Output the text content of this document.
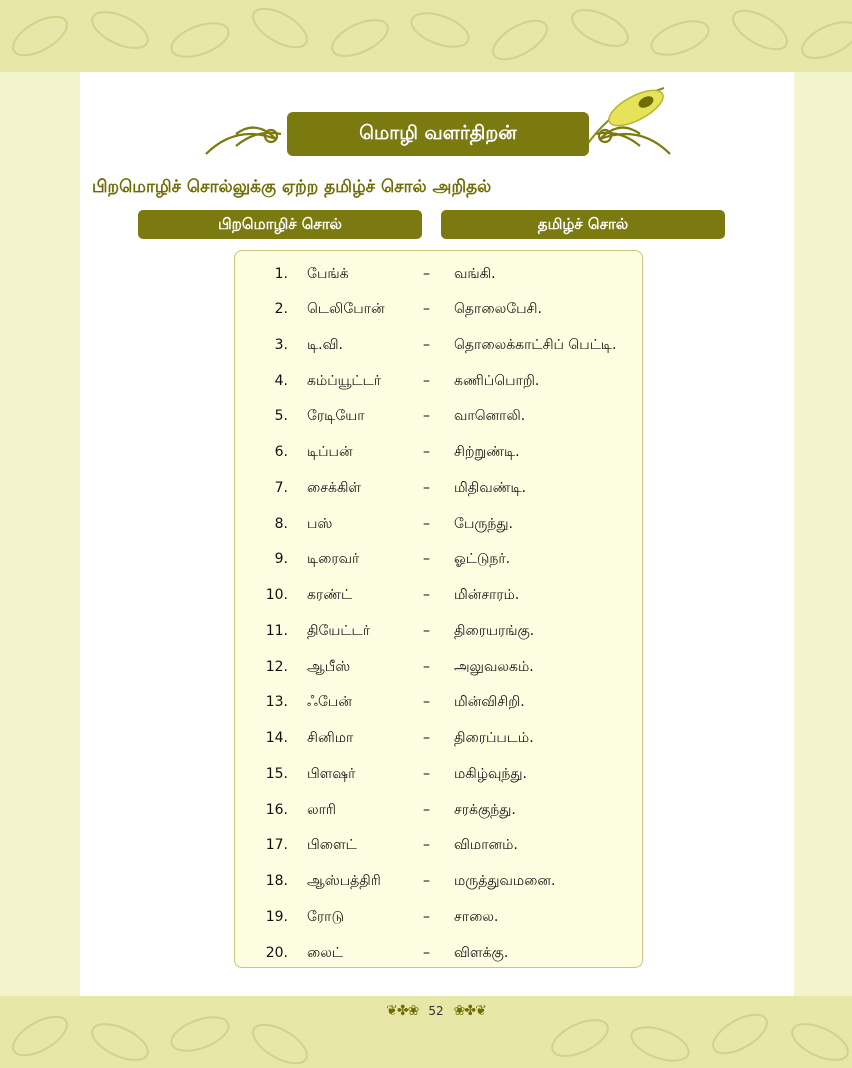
மொழி வளர்திறன்
பிறமொழிச் சொல்லுக்கு ஏற்ற தமிழ்ச் சொல் அறிதல்
பிறமொழிச் சொல்	தமிழ்ச் சொல்
1. பேங்க்	– வங்கி.
2. டெலிபோன்	– தொலைபேசி.
3. டி.வி.	– தொலைக்காட்சிப் பெட்டி.
4. கம்ப்யூட்டர்	– கணிப்பொறி.
5. ரேடியோ	– வானொலி.
6. டிப்பன்	– சிற்றுண்டி.
7. சைக்கிள்	– மிதிவண்டி.
8. பஸ்	– பேருந்து.
9. டிரைவர்	– ஓட்டுநர்.
10. கரண்ட்	– மின்சாரம்.
11. தியேட்டர்	– திரையரங்கு.
12. ஆபீஸ்	– அலுவலகம்.
13. ஃபேன்	– மின்விசிறி.
14. சினிமா	– திரைப்படம்.
15. பிளஷர்	– மகிழ்வுந்து.
16. லாரி	– சரக்குந்து.
17. பிளைட்	– விமானம்.
18. ஆஸ்பத்திரி	– மருத்துவமனை.
19. ரோடு	– சாலை.
20. லைட்	– விளக்கு.
❦✤❀ 52 ❀✤❦
